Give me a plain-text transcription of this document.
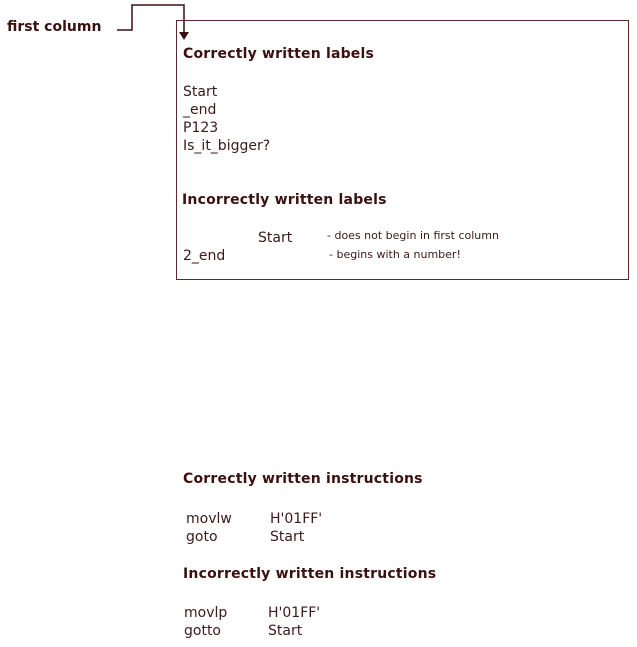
first column
Correctly written labels
Start
_end
P123
Is_it_bigger?
Incorrectly written labels
Start	- does not begin in first column
2_end	- begins with a number!
Correctly written instructions
movlw	H'01FF'
goto	Start
Incorrectly written instructions
movlp	H'01FF'
gotto	Start
